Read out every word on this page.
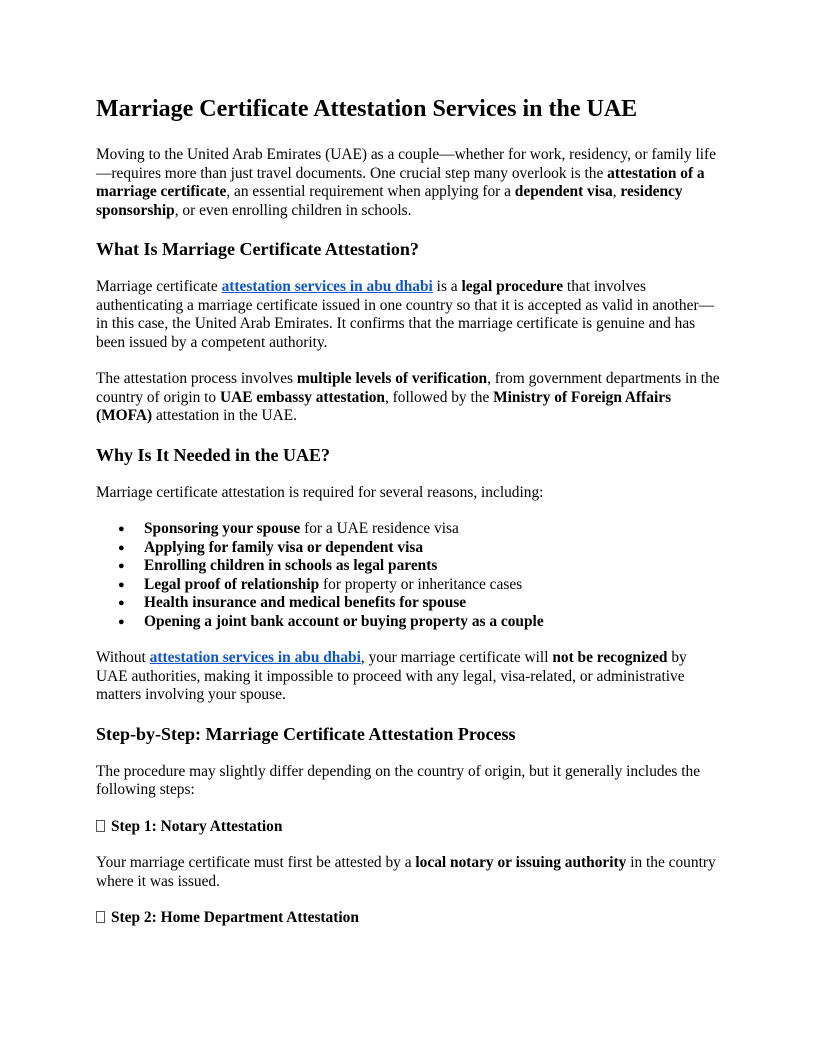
Marriage Certificate Attestation Services in the UAE

Moving to the United Arab Emirates (UAE) as a couple—whether for work, residency, or family life—requires more than just travel documents. One crucial step many overlook is the attestation of a marriage certificate, an essential requirement when applying for a dependent visa, residency sponsorship, or even enrolling children in schools.

What Is Marriage Certificate Attestation?

Marriage certificate attestation services in abu dhabi is a legal procedure that involves authenticating a marriage certificate issued in one country so that it is accepted as valid in another—in this case, the United Arab Emirates. It confirms that the marriage certificate is genuine and has been issued by a competent authority.

The attestation process involves multiple levels of verification, from government departments in the country of origin to UAE embassy attestation, followed by the Ministry of Foreign Affairs (MOFA) attestation in the UAE.

Why Is It Needed in the UAE?

Marriage certificate attestation is required for several reasons, including:

● Sponsoring your spouse for a UAE residence visa
● Applying for family visa or dependent visa
● Enrolling children in schools as legal parents
● Legal proof of relationship for property or inheritance cases
● Health insurance and medical benefits for spouse
● Opening a joint bank account or buying property as a couple

Without attestation services in abu dhabi, your marriage certificate will not be recognized by UAE authorities, making it impossible to proceed with any legal, visa-related, or administrative matters involving your spouse.

Step-by-Step: Marriage Certificate Attestation Process

The procedure may slightly differ depending on the country of origin, but it generally includes the following steps:

Step 1: Notary Attestation

Your marriage certificate must first be attested by a local notary or issuing authority in the country where it was issued.

Step 2: Home Department Attestation
